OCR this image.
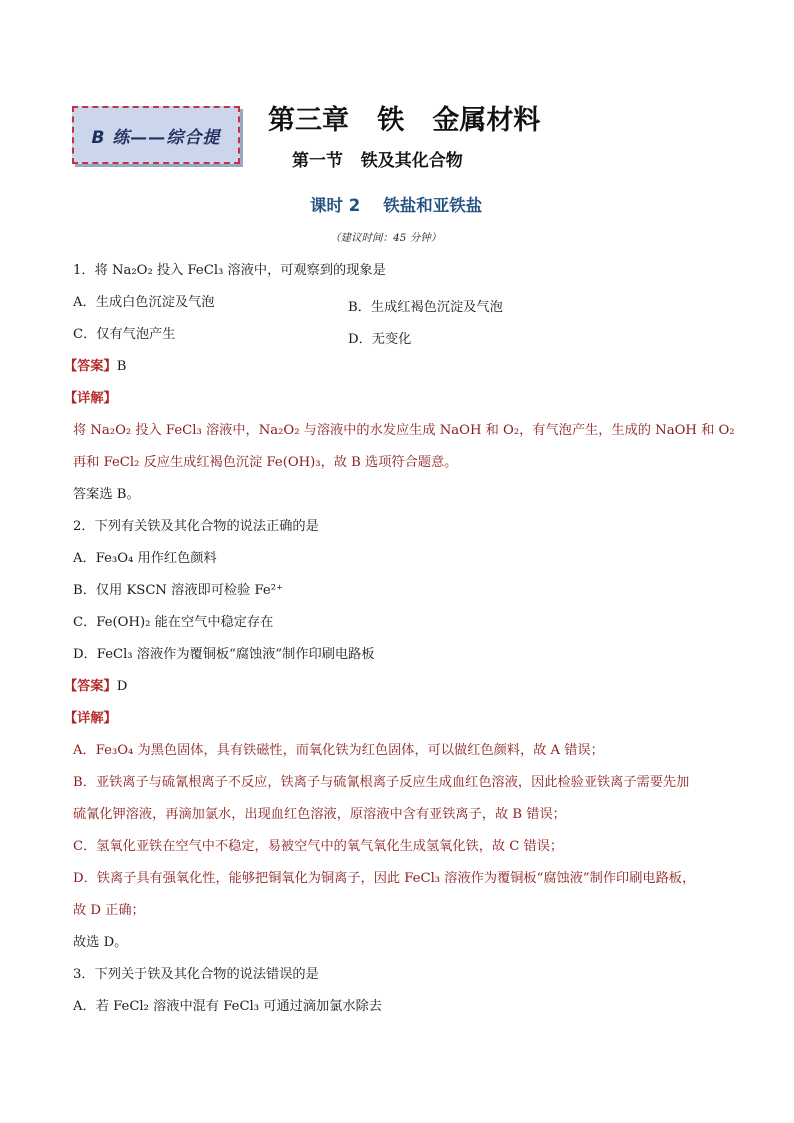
B 练——综合提
第三章   铁   金属材料
第一节   铁及其化合物
课时 2    铁盐和亚铁盐
（建议时间：45 分钟）
1．将 Na₂O₂ 投入 FeCl₃ 溶液中，可观察到的现象是
A．生成白色沉淀及气泡	B．生成红褐色沉淀及气泡
C．仅有气泡产生	D．无变化
【答案】B
【详解】
将 Na₂O₂ 投入 FeCl₃ 溶液中，Na₂O₂ 与溶液中的水发应生成 NaOH 和 O₂，有气泡产生，生成的 NaOH 和 O₂
再和 FeCl₂ 反应生成红褐色沉淀 Fe(OH)₃，故 B 选项符合题意。
答案选 B。
2．下列有关铁及其化合物的说法正确的是
A．Fe₃O₄ 用作红色颜料
B．仅用 KSCN 溶液即可检验 Fe²⁺
C．Fe(OH)₂ 能在空气中稳定存在
D．FeCl₃ 溶液作为覆铜板“腐蚀液”制作印刷电路板
【答案】D
【详解】
A．Fe₃O₄ 为黑色固体，具有铁磁性，而氧化铁为红色固体，可以做红色颜料，故 A 错误；
B．亚铁离子与硫氰根离子不反应，铁离子与硫氰根离子反应生成血红色溶液，因此检验亚铁离子需要先加
硫氰化钾溶液，再滴加氯水，出现血红色溶液，原溶液中含有亚铁离子，故 B 错误；
C．氢氧化亚铁在空气中不稳定，易被空气中的氧气氧化生成氢氧化铁，故 C 错误；
D．铁离子具有强氧化性，能够把铜氧化为铜离子，因此 FeCl₃ 溶液作为覆铜板“腐蚀液”制作印刷电路板，
故 D 正确；
故选 D。
3．下列关于铁及其化合物的说法错误的是
A．若 FeCl₂ 溶液中混有 FeCl₃ 可通过滴加氯水除去
